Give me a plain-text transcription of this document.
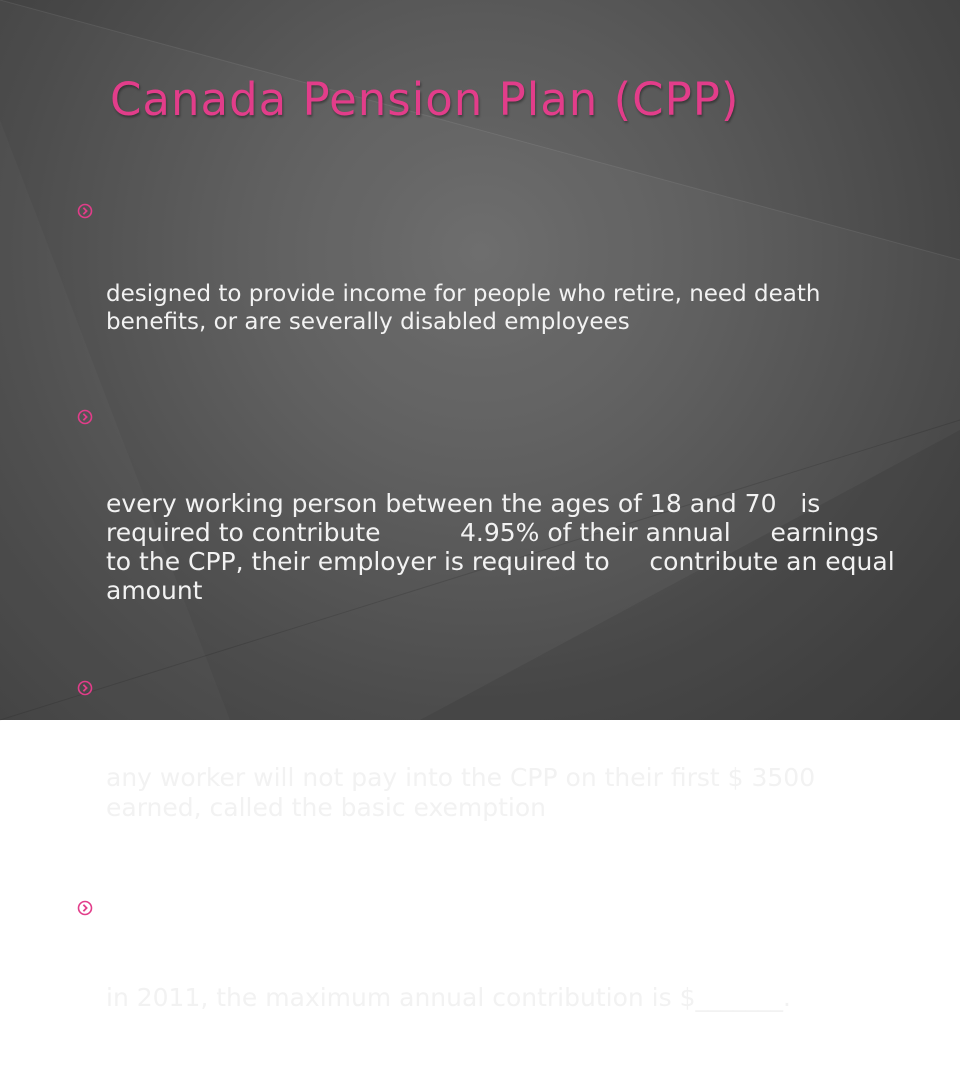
Canada Pension Plan (CPP)

designed to provide income for people who retire, need death benefits, or are severally disabled employees

every working person between the ages of 18 and 70   is required to contribute          4.95% of their annual     earnings to the CPP, their employer is required to     contribute an equal amount

any worker will not pay into the CPP on their first $ 3500 earned, called the basic exemption

in 2011, the maximum annual contribution is $_______.
